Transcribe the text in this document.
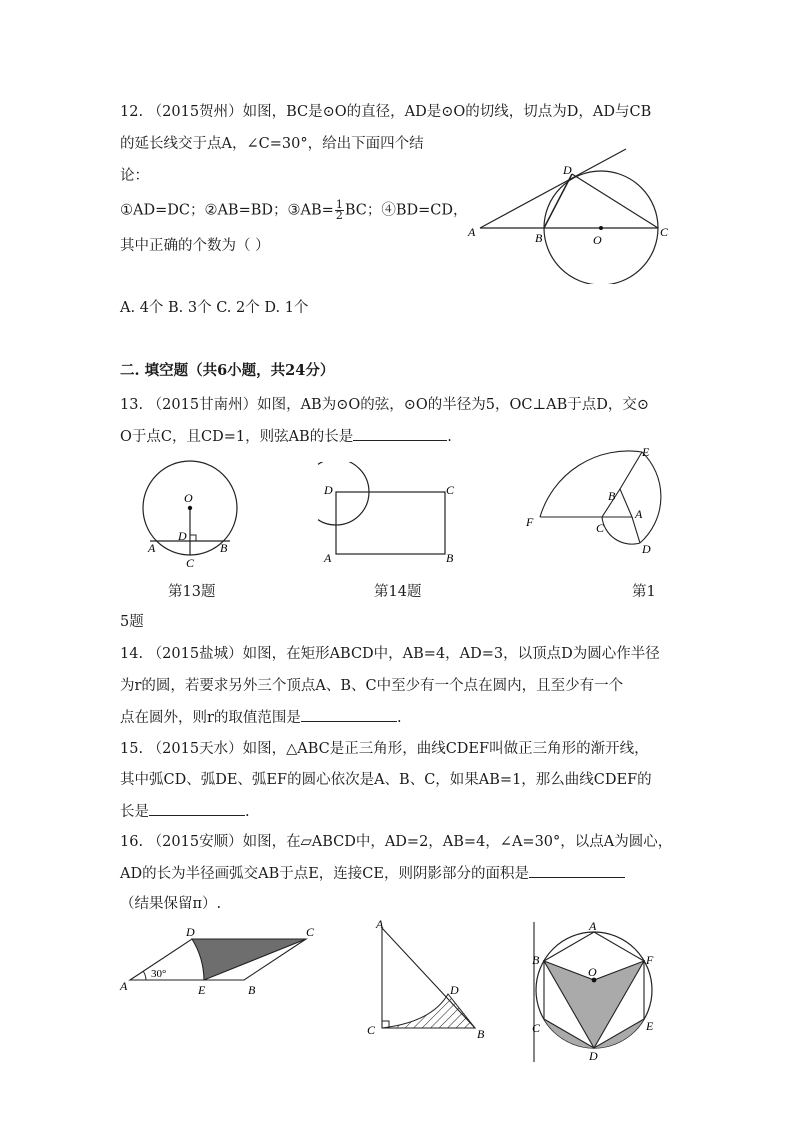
12. （2015贺州）如图，BC是⊙O的直径，AD是⊙O的切线，切点为D，AD与CB
的延长线交于点A，∠C=30°，给出下面四个结
论：
①AD=DC；②AB=BD；③AB= $\frac{1}{2}$ BC；④BD=CD，
其中正确的个数为（ ）
A. 4个 B. 3个 C. 2个 D. 1个
A	B	O
C
D
二. 填空题（共6小题，共24分）
13. （2015甘南州）如图，AB为⊙O的弦，⊙O的半径为5，OC⊥AB于点D，交⊙
O于点C，且CD=1，则弦AB的长是	.
O
D
A	B
C
D	C
A	B
E
B
F	C
A
D
第13题	第14题	第1
5题
14. （2015盐城）如图，在矩形ABCD中，AB=4，AD=3，以顶点D为圆心作半径
为r的圆，若要求另外三个顶点A、B、C中至少有一个点在圆内，且至少有一个
点在圆外，则r的取值范围是	.
15. （2015天水）如图，△ABC是正三角形，曲线CDEF叫做正三角形的渐开线，
其中弧CD、弧DE、弧EF的圆心依次是A、B、C，如果AB=1，那么曲线CDEF的
长是	.
16. （2015安顺）如图，在▱ABCD中，AD=2，AB=4，∠A=30°，以点A为圆心，
AD的长为半径画弧交AB于点E，连接CE，则阴影部分的面积是
（结果保留π）.
D	C
A	E	B
30°
A
D
C	B
A
B	F
O
C	E
D
